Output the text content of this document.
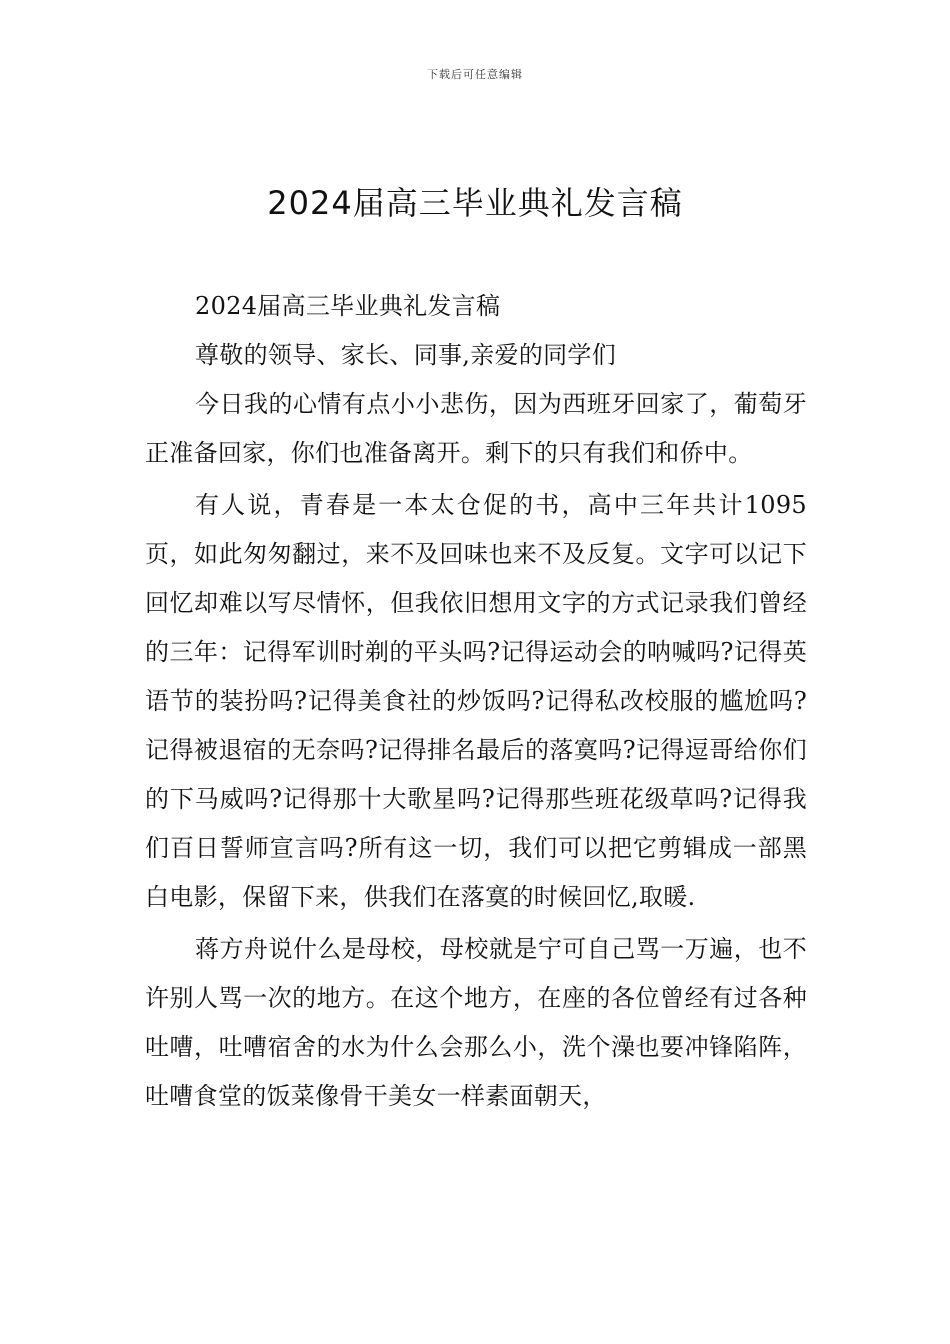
下载后可任意编辑
2024届高三毕业典礼发言稿

2024届高三毕业典礼发言稿

尊敬的领导、家长、同事,亲爱的同学们

今日我的心情有点小小悲伤，因为西班牙回家了，葡萄牙正准备回家，你们也准备离开。剩下的只有我们和侨中。

有人说，青春是一本太仓促的书，高中三年共计1095页，如此匆匆翻过，来不及回味也来不及反复。文字可以记下回忆却难以写尽情怀，但我依旧想用文字的方式记录我们曾经的三年：记得军训时剃的平头吗?记得运动会的呐喊吗?记得英语节的装扮吗?记得美食社的炒饭吗?记得私改校服的尴尬吗?记得被退宿的无奈吗?记得排名最后的落寞吗?记得逗哥给你们的下马威吗?记得那十大歌星吗?记得那些班花级草吗?记得我们百日誓师宣言吗?所有这一切，我们可以把它剪辑成一部黑白电影，保留下来，供我们在落寞的时候回忆,取暖.

蒋方舟说什么是母校，母校就是宁可自己骂一万遍，也不许别人骂一次的地方。在这个地方，在座的各位曾经有过各种吐嘈，吐嘈宿舍的水为什么会那么小，洗个澡也要冲锋陷阵，吐嘈食堂的饭菜像骨干美女一样素面朝天，
